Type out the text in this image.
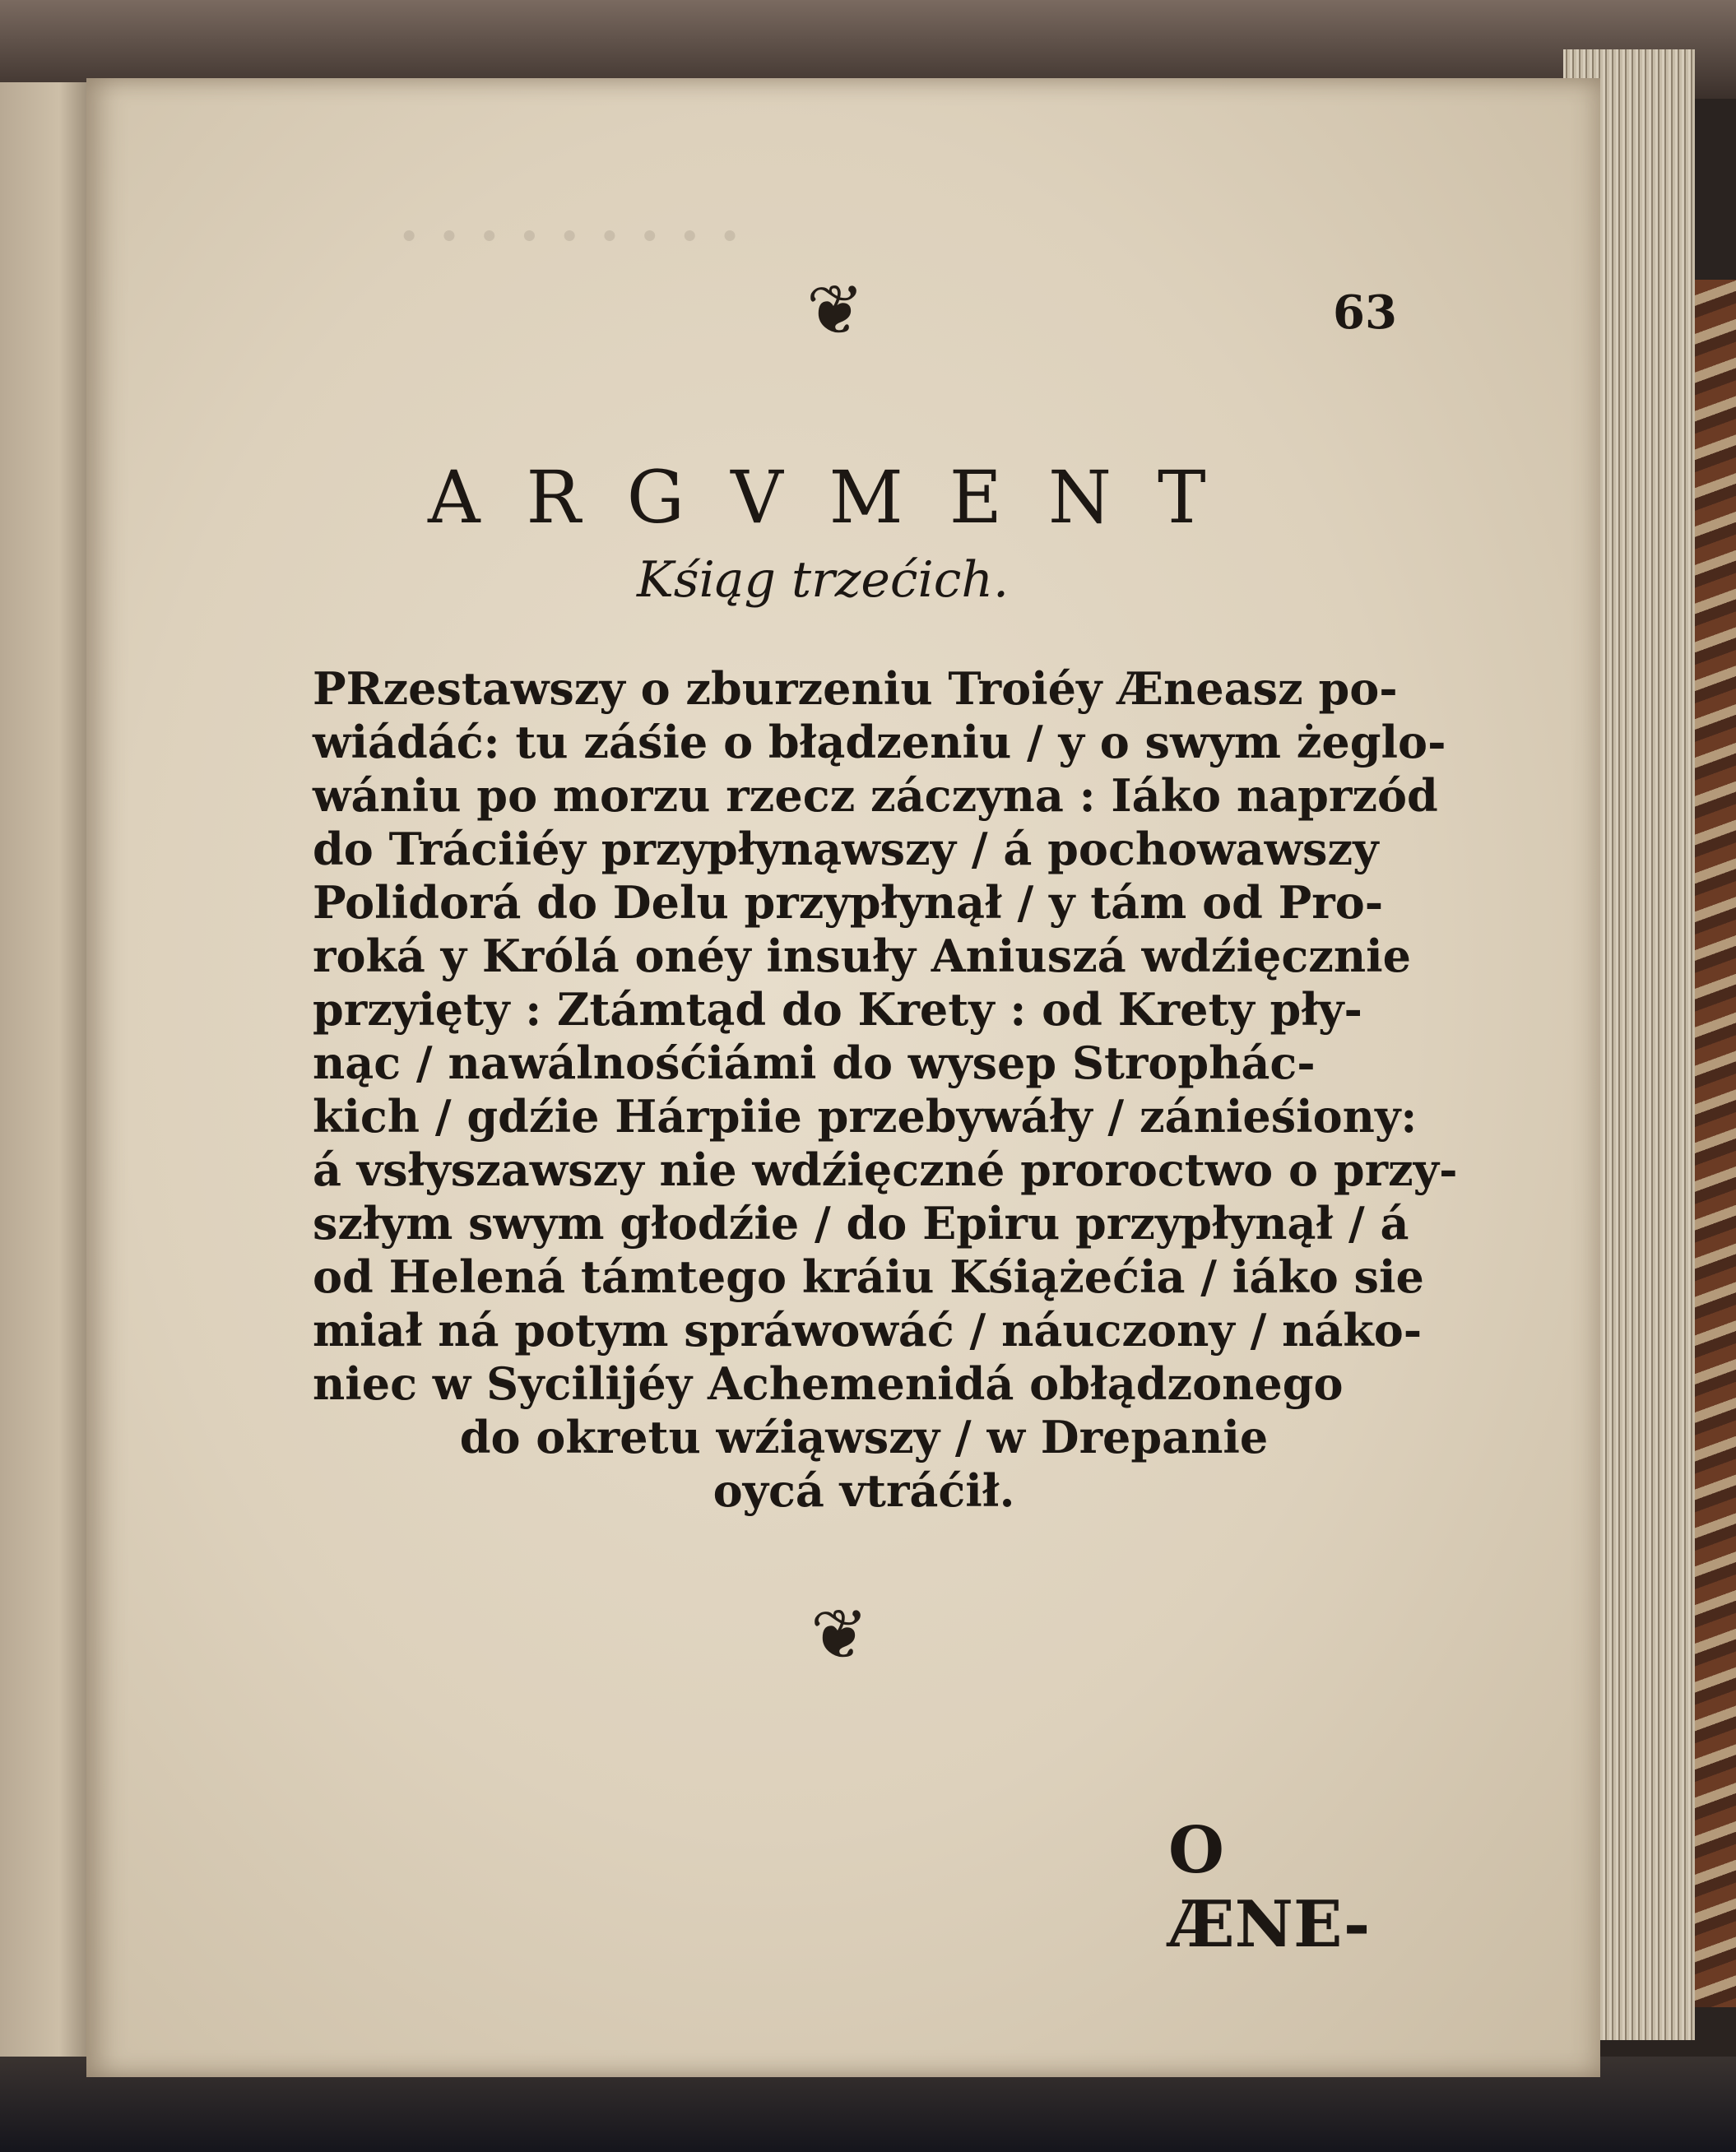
· · · · · · · · ·
❦	63
ARGVMENT
Kśiąg trzećich.
PRzestawszy o zburzeniu Troiéy Æneasz po-
wiádáć: tu záśie o błądzeniu / y o swym żeglo-
wániu po morzu rzecz záczyna : Iáko naprzód
do Tráciiéy przypłynąwszy / á pochowawszy
Polidorá do Delu przypłynął / y tám od Pro-
roká y Królá onéy insuły Aniuszá wdźięcznie
przyięty : Ztámtąd do Krety : od Krety pły-
nąc / nawálnośćiámi do wysep Strophác-
kich / gdźie Hárpiie przebywáły / zánieśiony:
á vsłyszawszy nie wdźięczné proroctwo o przy-
szłym swym głodźie / do Epiru przypłynął / á
od Helená támtego kráiu Kśiążećia / iáko sie
miał ná potym spráwowáć / náuczony / náko-
niec w Sycilijéy Achemenidá obłądzonego
do okretu wźiąwszy / w Drepanie
oycá vtráćił.
❦
O ÆNE-
